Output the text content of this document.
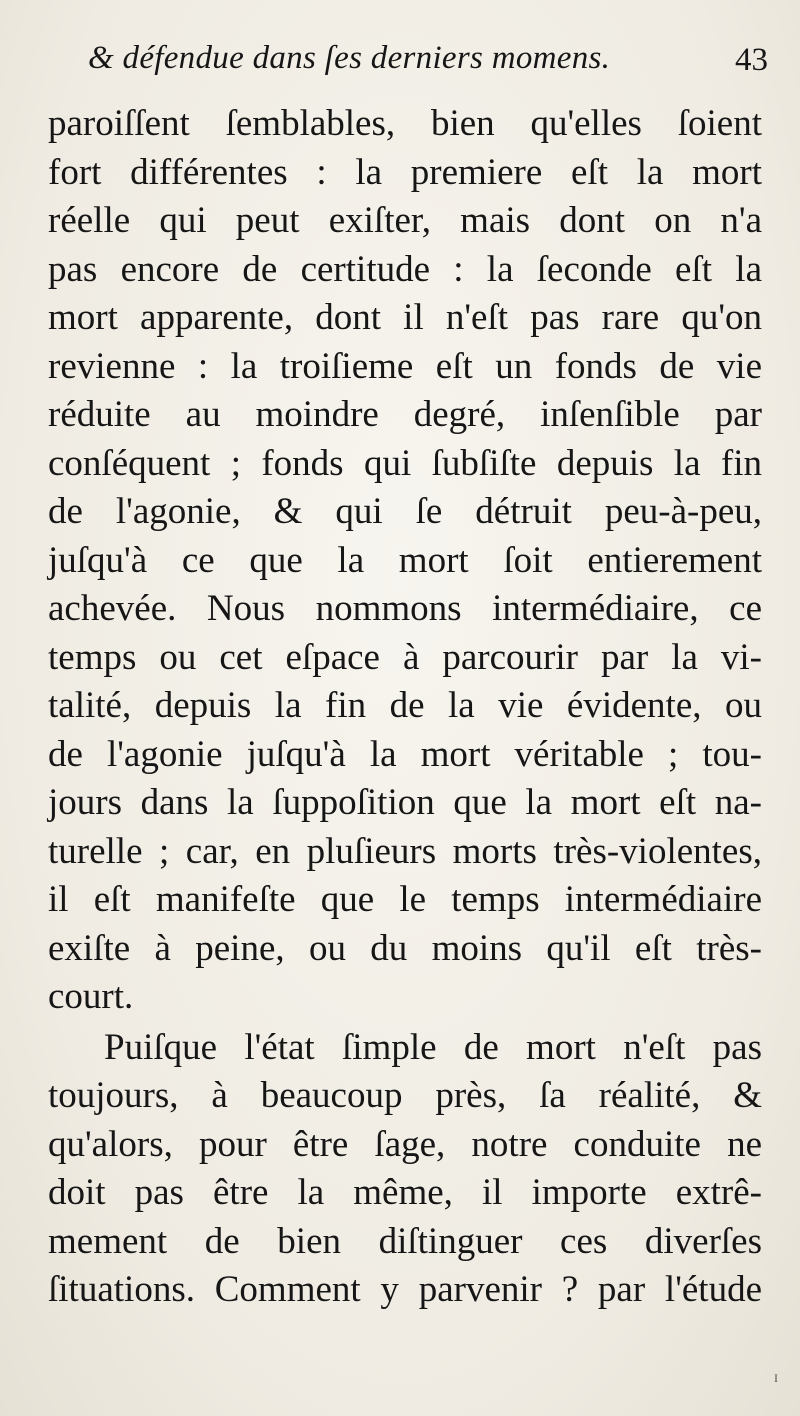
& défendue dans ſes derniers momens.	43
paroiſſent ſemblables, bien qu'elles ſoient
fort différentes : la premiere eſt la mort
réelle qui peut exiſter, mais dont on n'a
pas encore de certitude : la ſeconde eſt la
mort apparente, dont il n'eſt pas rare qu'on
revienne : la troiſieme eſt un fonds de vie
réduite au moindre degré, inſenſible par
conſéquent ; fonds qui ſubſiſte depuis la fin
de l'agonie, & qui ſe détruit peu-à-peu,
juſqu'à ce que la mort ſoit entierement
achevée. Nous nommons intermédiaire, ce
temps ou cet eſpace à parcourir par la vi-
talité, depuis la fin de la vie évidente, ou
de l'agonie juſqu'à la mort véritable ; tou-
jours dans la ſuppoſition que la mort eſt na-
turelle ; car, en pluſieurs morts très-violentes,
il eſt manifeſte que le temps intermédiaire
exiſte à peine, ou du moins qu'il eſt très-
court.
Puiſque l'état ſimple de mort n'eſt pas
toujours, à beaucoup près, ſa réalité, &
qu'alors, pour être ſage, notre conduite ne
doit pas être la même, il importe extrê-
mement de bien diſtinguer ces diverſes
ſituations. Comment y parvenir ? par l'étude
I
